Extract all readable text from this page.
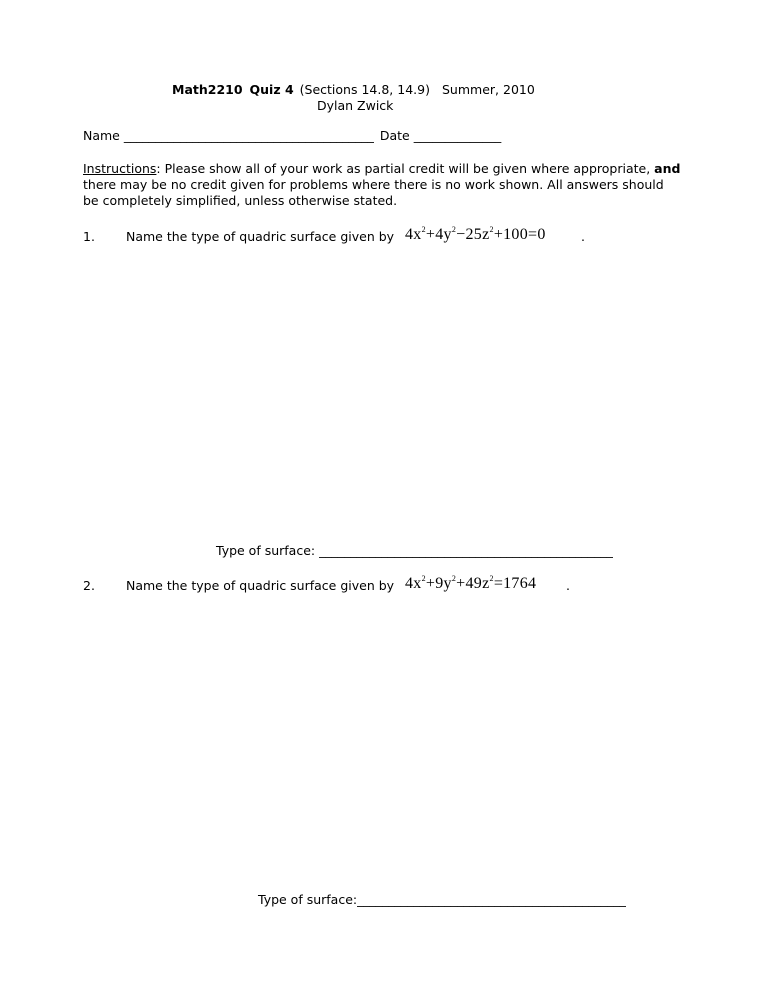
Math2210 Quiz 4 (Sections 14.8, 14.9) Summer, 2010
Dylan Zwick
Name ________________________________________ Date ______________
Instructions: Please show all of your work as partial credit will be given where appropriate, and there may be no credit given for problems where there is no work shown. All answers should be completely simplified, unless otherwise stated.
1. Name the type of quadric surface given by $4x^2+4y^2-25z^2+100=0$	.
Type of surface: _______________________________________________
2. Name the type of quadric surface given by $4x^2+9y^2+49z^2=1764$ .
Type of surface:___________________________________________
